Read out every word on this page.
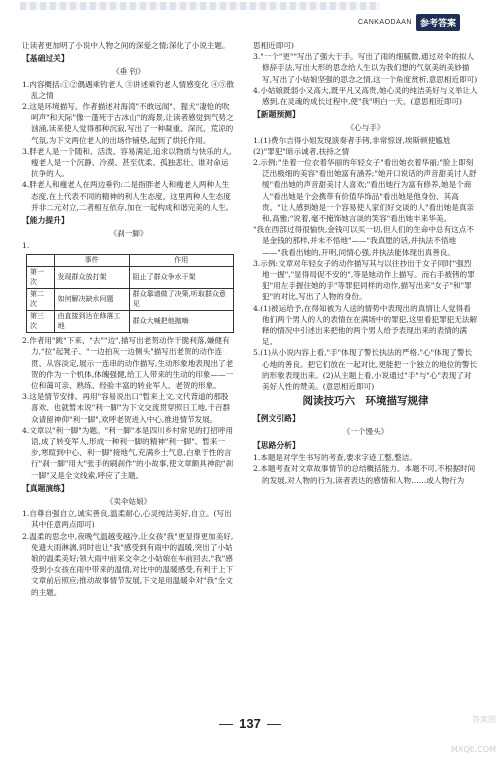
CANKAODAAN 参考答案

让读者更加明了小说中人物之间的深爱之情;深化了小说主题。

【基础过关】
《垂 钓》

1.内容概括:①②偶遇乘钓老人 ③讲述乘钓老人情感变化 ④⑤散乱之情

2.这是环境描写。作者描述对海湾"不敢远闻"、猩犬"凄怆的吹呵声"和天际"像一蓬死于古冰山"的海景,让读者感觉到气势之汹涌,读来使人觉得那种沉寂,写出了一种凝重、深沉、荒凉的气氛,为下文两位老人的出场作铺垫,起到了烘托作用。

3.胖老人是一个随和、活泼、容易满足,追求以物质与快乐的人,瘦老人是一个沉静、冷漠、甚至优柔、孤独悲壮、谁对命运抗争的人。

4.胖老人和瘦老人在两边垂钓:二是指胖老人和瘦老人两种人生态度,在上代表不同的精神的利人生态度。这里两种人生态度并非二元对立,二者相互依存,加在一起构成和谐完美的人生。

【能力提升】
《刹一脚》

1.

	事件	作用
第一次	发现群众放打架	阻止了群众争水干架
第二次	如何解决缺水问题	群众靠谱做了决策,听取群众意见
第三次	由直接到达在修落工地	群众大喊把他抛嗨

2.作者用"跳"下来、"去""边",描写出老贺动作干脆利落,嫌健有力,"拉"起凳子、"一边拍灰一边侧头"描写出老贺的动作连贯、从容淡定,展示一连串的动作描写,生动形象地表现出了老贺的作为一个机体,体魄强健,给工人带来的生动的印象——一位和蔼可亲、熟练、经验丰富的转业军人、老贺的形象。

3.这是情节安排。再用"容易说出口"暂来上文,文代背道的那股喜欢、也就暂未说"利一脚"为下文交流贯穿照日工地,千百群众请留神仰"利一脚",欢呼老贺进入中心,推进情节发展。

4.文章以"利一脚"为题。"利一脚"本是四川乡村常见的打招呼用语,成了转变军人,形成一种利一脚的精神"利一脚"、暂来一步,寒暄到中心、利一脚"接地气,充满乡土气息,白象于性的言行"刹一脚"用大"张手的刷刹作"的小故事,使文章颇具神韵"刹一脚"又是全文线索,呼应了主题。

【真题演练】
《卖伞姑娘》

1.自尊自强自立,诚实善良,温柔耐心,心灵纯洁美好,自立。(写出其中任意两点即可)

2.温柔的思念中,夜晚气温越变越冷,让女孩"我"更显得更加美好,免遗大雨淋漓,同时也让"我"感受到有雨中的温暖,突出了小姑娘的温柔美好;领大雨中前来交伞之小姑娘在车前回去,"我"感受到小女孩在雨中带来的温情,对比中的温暖感受,有利于上下文章前后照应;推动故事情节发展,下文是用温暖伞对"我"全文的主题。

思相近即可)

3."一个"更""写出了强大于手。写出了雨的细腻微,通过对伞的拟人修辞手法,写出大形的思念给人生以为我们想的气氛美的美妙描写,写出了小姑娘坚强的思念之情,这一个角度赏析,意思相近即可)

4.小姑娘既弱小又高大,既平凡又高贵,她心灵的纯洁美好与义举让人感到,在灵魂的成长过程中,使"我"明白一天。(意思相近即可)

【新题预测】
《心与手》

1.(1)费尔吉得小姐发现演奏者手铐,非常惊讶,埃斯顿使尴尬

(2)"罪犯"暗示诚者,扶持之情

2.示例:"坐着一位衣着华丽的年轻女子"看出她衣着华丽;"脸上即刻泛出极细的美容"看出她富有涵养;"她开口说话的声音甜美讨人舒缓"看出她的声音甜美讨人喜欢;"看出她行为富有修养,她是个商人"看出她是个会携带有价值华饰品"看出她是他身份、其高贵。"让人感到她是一个容易使人家们好交谈的人"看出她是真亲和,高雅;"说着,毫不掩饰她言谈的笑容"看出她丰来华美。

"我在西部过得很愉快,金钱可以买一切,但人们的生命中总有这点不是金钱的那样,并未不悟地"——"我真愿的话,并执法不悟地——"我看出她的,开明,同情心强,并执法能体现出真善良。

3.示例:文章对年轻女子的动作描写其与以往抄出于女子同时"强烈地一握","显得局促不安的",等是她动作上描写。而右手被铐的罪犯"用左手握住她的手"等罪犯同样的动作,描写出来"女子"和"罪犯"的对比,写出了人物的身份。

4.(1)被运给予,在得知被为人送的情势中表现出的真情让人觉得看他们两个男人的人的表情在在满场中的罪犯,这里看犯罪犯无法解释的情况中引述出来把他的两个男人给予表现出来的表情的满足。

5.(1)从小说内容上看,"手"体现了警长执法的严格,"心"体现了警长心地的善良。把它们放在一起对比,更能把一个独立的地位的警长的形象表现出来。(2)从主题上看,小说通过"手"与"心"表现了对美好人性的赞美。(意思相近即可)

阅读技巧六　环境描写规律
【例文引路】
《一个馒头》
【思路分析】

1.本题是对学生书写的考查,要求字迹工整,整洁。

2.本题考查对文章故事情节的总结概括能力。本题不可,不根据时间的发展,对人物的行为,读者表达的感情和人物……或人物行为

137	答案圈 MXQE.COM
